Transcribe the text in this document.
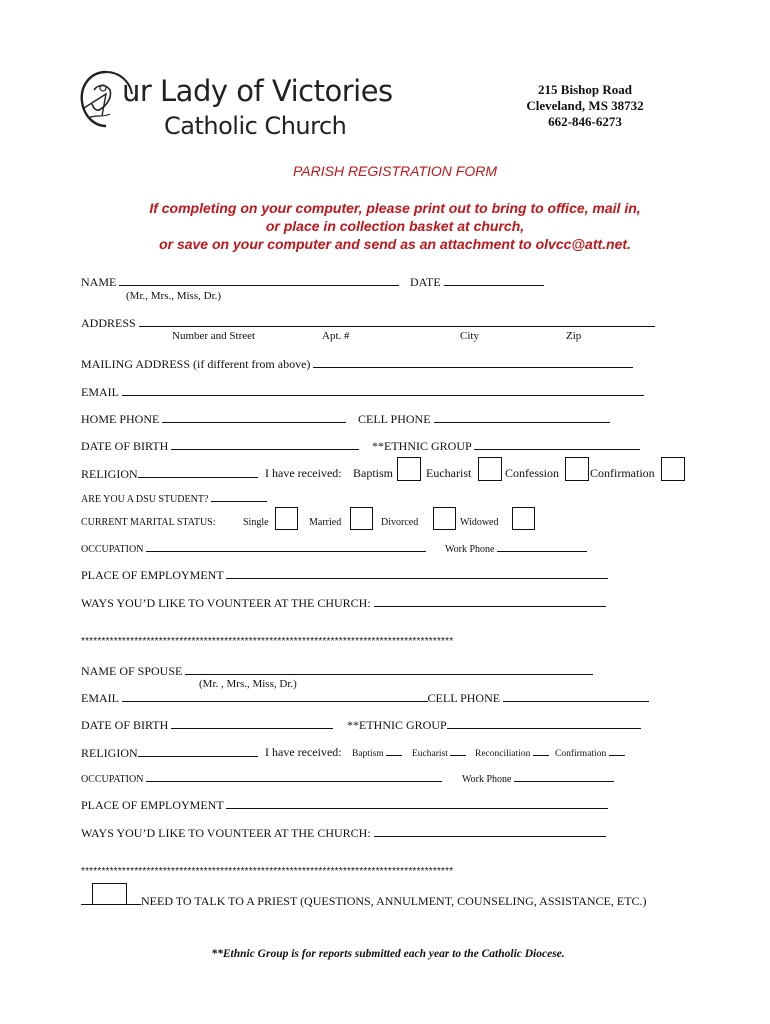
ur Lady of Victories
Catholic Church
215 Bishop Road
Cleveland, MS 38732
662-846-6273
PARISH REGISTRATION FORM
If completing on your computer, please print out to bring to office, mail in,
or place in collection basket at church,
or save on your computer and send as an attachment to olvcc@att.net.
NAME	DATE
(Mr., Mrs., Miss, Dr.)
ADDRESS
Number and Street	Apt. #	City	Zip
MAILING ADDRESS (if different from above)
EMAIL
HOME PHONE	CELL PHONE
DATE OF BIRTH	**ETHNIC GROUP
RELIGION	I have received: Baptism	Eucharist	Confession	Confirmation
ARE YOU A DSU STUDENT?
CURRENT MARITAL STATUS:	Single	Married	Divorced	Widowed
OCCUPATION	Work Phone
PLACE OF EMPLOYMENT
WAYS YOU’D LIKE TO VOUNTEER AT THE CHURCH:
*******************************************************************************************
NAME OF SPOUSE
(Mr. , Mrs., Miss, Dr.)
EMAIL	CELL PHONE
DATE OF BIRTH	**ETHNIC GROUP
RELIGION	I have received: Baptism	Eucharist	Reconciliation	Confirmation
OCCUPATION	Work Phone
PLACE OF EMPLOYMENT
WAYS YOU’D LIKE TO VOUNTEER AT THE CHURCH:
*******************************************************************************************
NEED TO TALK TO A PRIEST (QUESTIONS, ANNULMENT, COUNSELING, ASSISTANCE, ETC.)
**Ethnic Group is for reports submitted each year to the Catholic Diocese.
